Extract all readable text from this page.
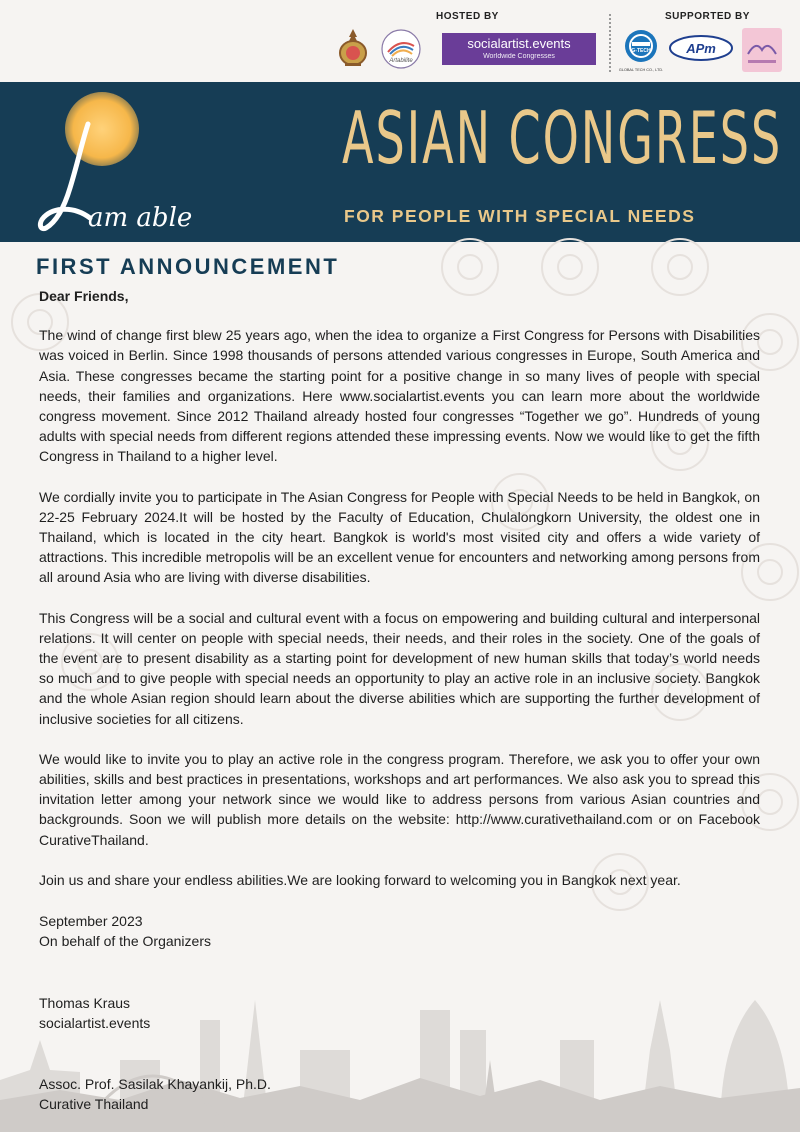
HOSTED BY	SUPPORTED BY
Artabilite
socialartist.events
Worldwide Congresses
G-TECH
GLOBAL TECH CO., LTD.
APm
am able
ASIAN CONGRESS
FOR PEOPLE WITH SPECIAL NEEDS
FIRST ANNOUNCEMENT

Dear Friends,

The wind of change first blew 25 years ago, when the idea to organize a First Congress for Persons with Disabilities was voiced in Berlin. Since 1998 thousands of persons attended various congresses in Europe, South America and Asia. These congresses became the starting point for a positive change in so many lives of people with special needs, their families and organizations. Here www.socialartist.events you can learn more about the worldwide congress movement. Since 2012 Thailand already hosted four congresses “Together we go”. Hundreds of young adults with special needs from different regions attended these impressing events. Now we would like to get the fifth Congress in Thailand to a higher level.

We cordially invite you to participate in The Asian Congress for People with Special Needs to be held in Bangkok, on 22-25 February 2024.It will be hosted by the Faculty of Education, Chulalongkorn University, the oldest one in Thailand, which is located in the city heart. Bangkok is world's most visited city and offers a wide variety of attractions. This incredible metropolis will be an excellent venue for encounters and networking among persons from all around Asia who are living with diverse disabilities.

This Congress will be a social and cultural event with a focus on empowering and building cultural and interpersonal relations. It will center on people with special needs, their needs, and their roles in the society. One of the goals of the event are to present disability as a starting point for development of new human skills that today’s world needs so much and to give people with special needs an opportunity to play an active role in an inclusive society. Bangkok and the whole Asian region should learn about the diverse abilities which are supporting the further development of inclusive societies for all citizens.

We would like to invite you to play an active role in the congress program. Therefore, we ask you to offer your own abilities, skills and best practices in presentations, workshops and art performances. We also ask you to spread this invitation letter among your network since we would like to address persons from various Asian countries and backgrounds. Soon we will publish more details on the website: http://www.curativethailand.com or on Facebook CurativeThailand.

Join us and share your endless abilities.We are looking forward to welcoming you in Bangkok next year.

September 2023
On behalf of the Organizers
Thomas Kraus
socialartist.events
Assoc. Prof. Sasilak Khayankij, Ph.D.
Curative Thailand
